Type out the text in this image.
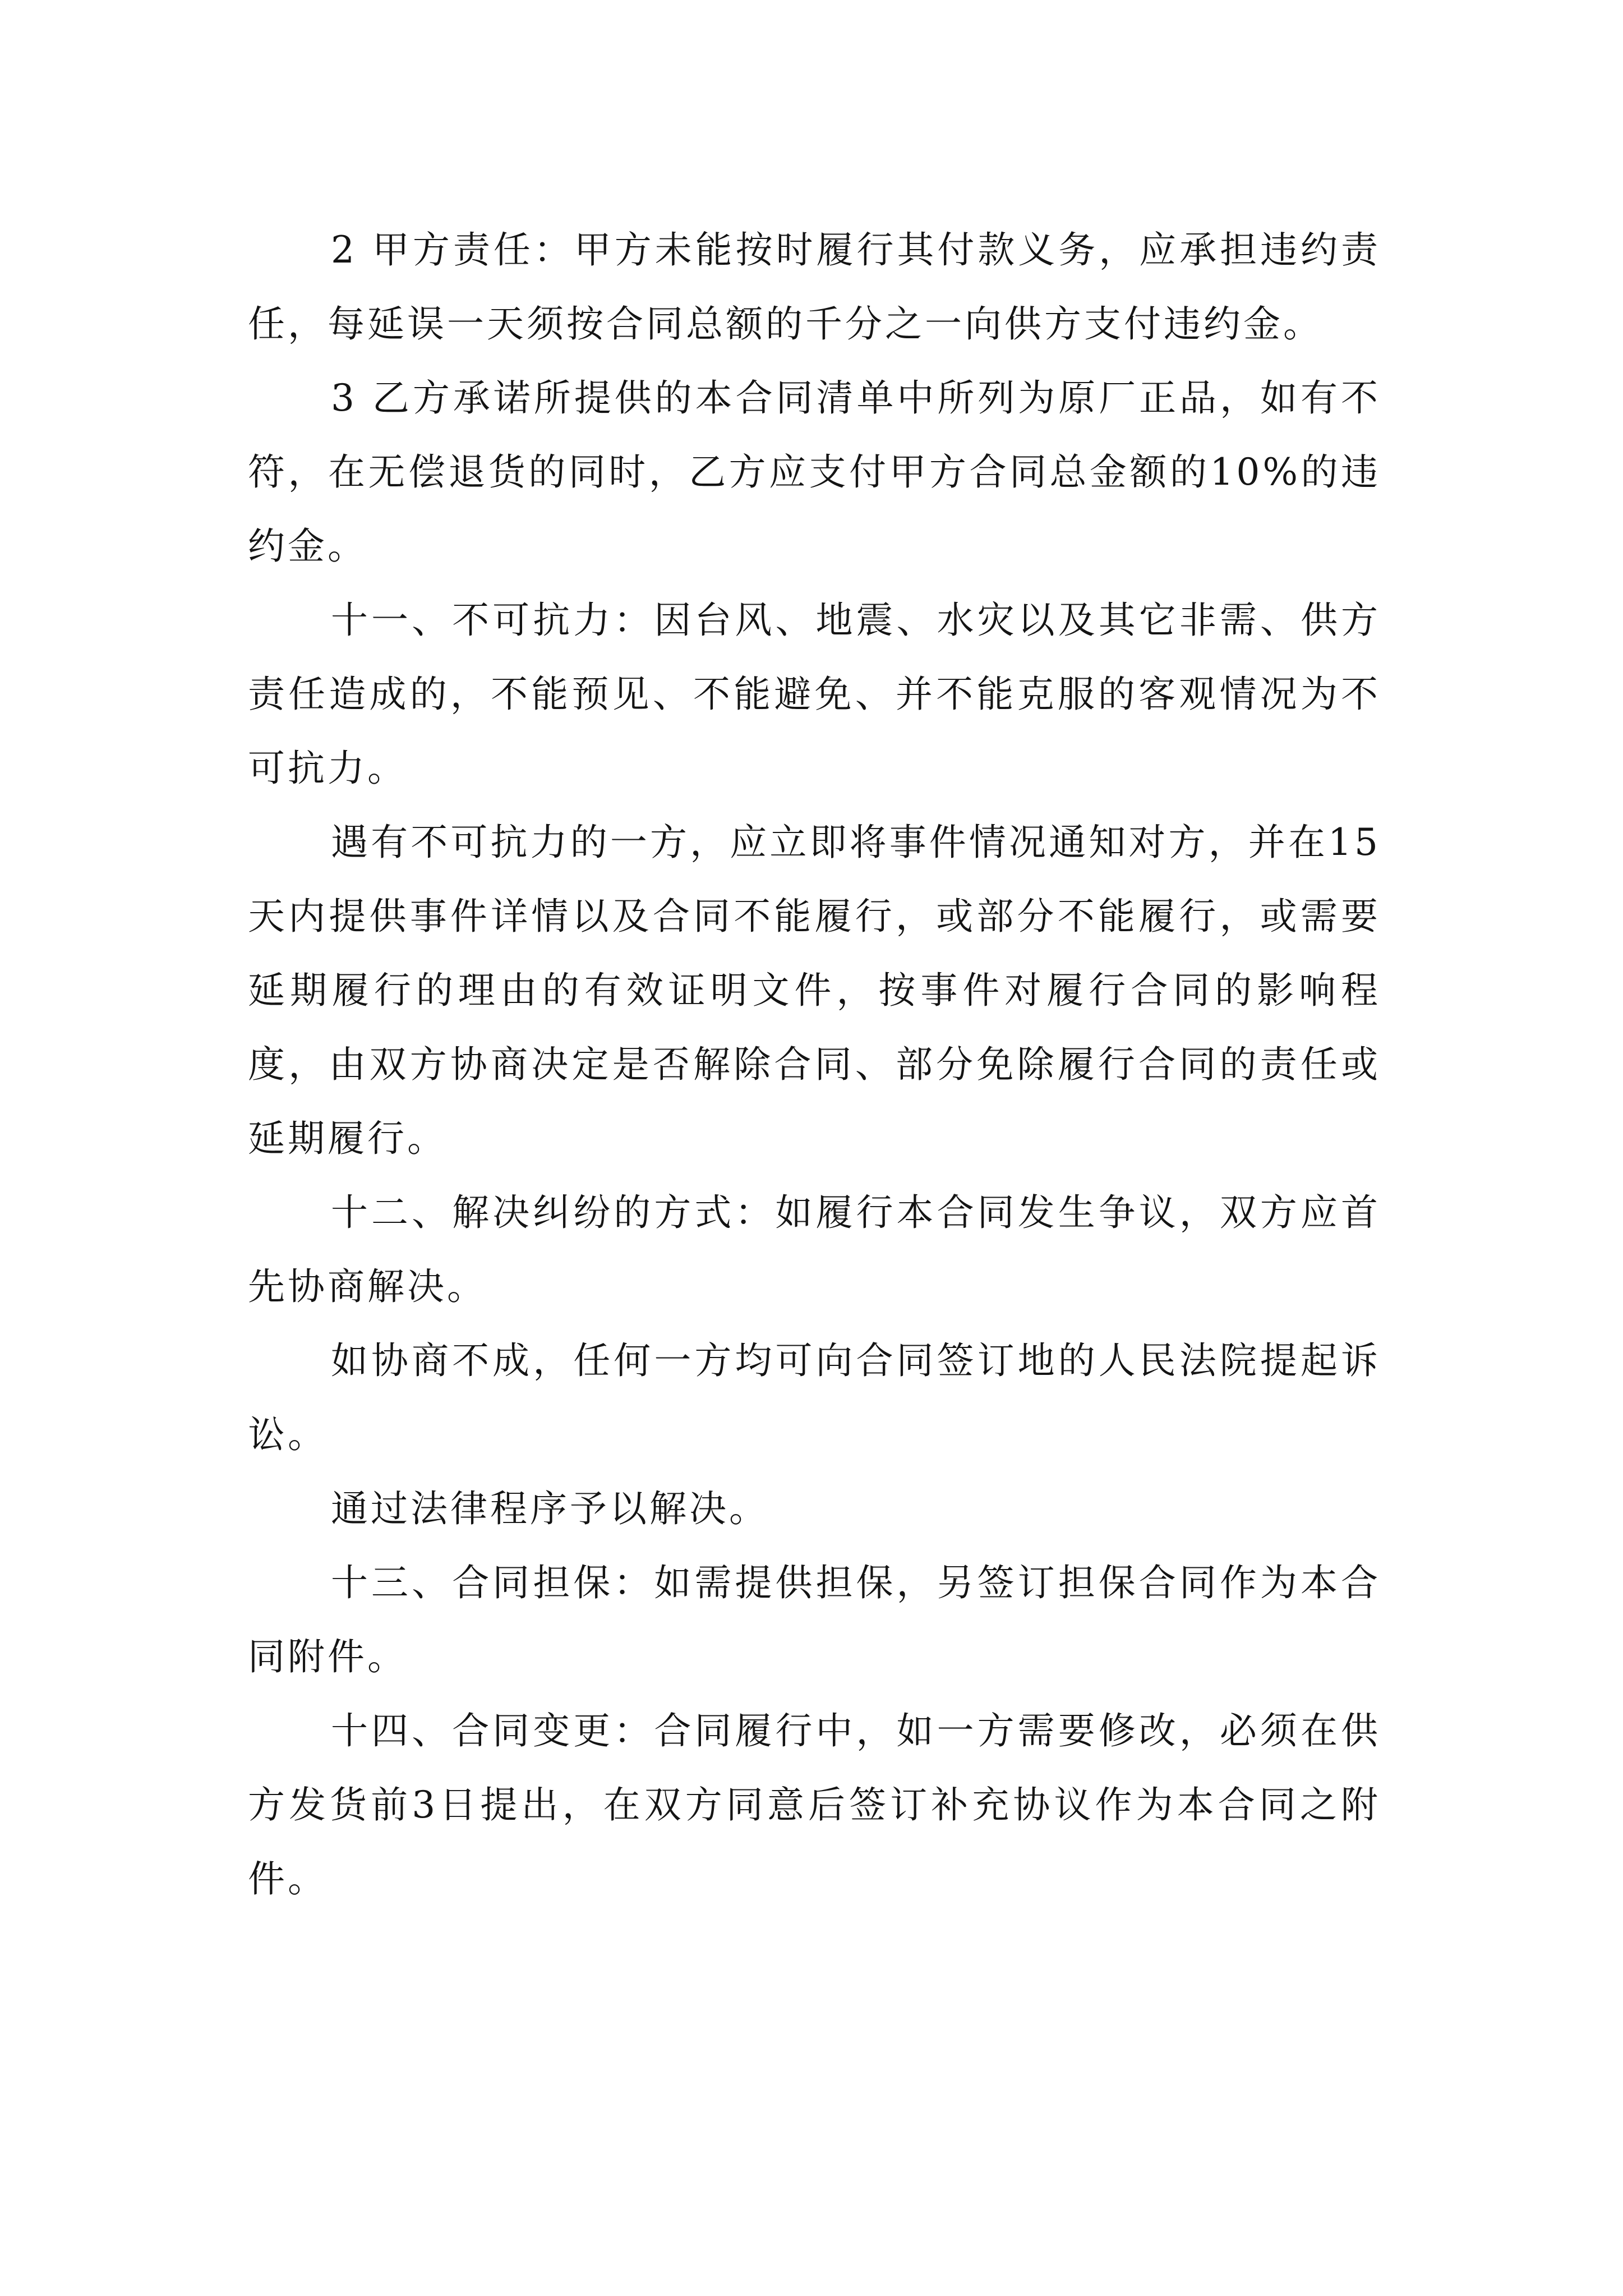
2 甲方责任：甲方未能按时履行其付款义务，应承担违约责任，每延误一天须按合同总额的千分之一向供方支付违约金。

3 乙方承诺所提供的本合同清单中所列为原厂正品，如有不符，在无偿退货的同时，乙方应支付甲方合同总金额的10%的违约金。

十一、不可抗力：因台风、地震、水灾以及其它非需、供方责任造成的，不能预见、不能避免、并不能克服的客观情况为不可抗力。

遇有不可抗力的一方，应立即将事件情况通知对方，并在15天内提供事件详情以及合同不能履行，或部分不能履行，或需要延期履行的理由的有效证明文件，按事件对履行合同的影响程度，由双方协商决定是否解除合同、部分免除履行合同的责任或延期履行。

十二、解决纠纷的方式：如履行本合同发生争议，双方应首先协商解决。

如协商不成，任何一方均可向合同签订地的人民法院提起诉讼。

通过法律程序予以解决。

十三、合同担保：如需提供担保，另签订担保合同作为本合同附件。

十四、合同变更：合同履行中，如一方需要修改，必须在供方发货前3日提出，在双方同意后签订补充协议作为本合同之附件。
